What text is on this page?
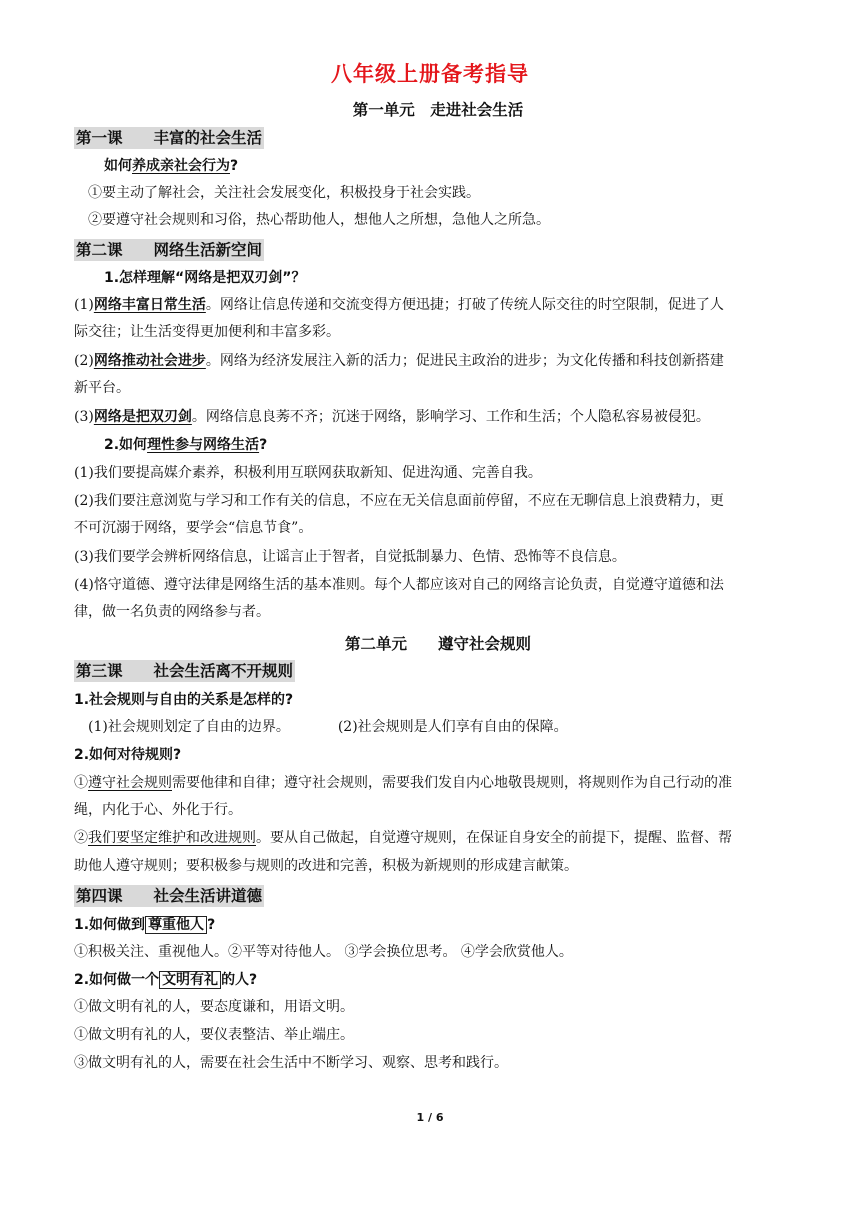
八年级上册备考指导
第一单元　走进社会生活
第一课　　丰富的社会生活
如何养成亲社会行为?
①要主动了解社会，关注社会发展变化，积极投身于社会实践。
②要遵守社会规则和习俗，热心帮助他人，想他人之所想，急他人之所急。
第二课　　网络生活新空间
1.怎样理解“网络是把双刃剑”？
(1)网络丰富日常生活。网络让信息传递和交流变得方便迅捷；打破了传统人际交往的时空限制，促进了人
际交往；让生活变得更加便利和丰富多彩。
(2)网络推动社会进步。网络为经济发展注入新的活力；促进民主政治的进步；为文化传播和科技创新搭建
新平台。
(3)网络是把双刃剑。网络信息良莠不齐；沉迷于网络，影响学习、工作和生活；个人隐私容易被侵犯。
2.如何理性参与网络生活?
(1)我们要提高媒介素养，积极利用互联网获取新知、促进沟通、完善自我。
(2)我们要注意浏览与学习和工作有关的信息，不应在无关信息面前停留，不应在无聊信息上浪费精力，更
不可沉溺于网络，要学会“信息节食”。
(3)我们要学会辨析网络信息，让谣言止于智者，自觉抵制暴力、色情、恐怖等不良信息。
(4)恪守道德、遵守法律是网络生活的基本准则。每个人都应该对自己的网络言论负责，自觉遵守道德和法
律，做一名负责的网络参与者。
第二单元　　遵守社会规则
第三课　　社会生活离不开规则
1.社会规则与自由的关系是怎样的?
(1)社会规则划定了自由的边界。	(2)社会规则是人们享有自由的保障。
2.如何对待规则?
①遵守社会规则需要他律和自律；遵守社会规则，需要我们发自内心地敬畏规则，将规则作为自己行动的准
绳，内化于心、外化于行。
②我们要坚定维护和改进规则。要从自己做起，自觉遵守规则，在保证自身安全的前提下，提醒、监督、帮
助他人遵守规则；要积极参与规则的改进和完善，积极为新规则的形成建言献策。
第四课　　社会生活讲道德
1.如何做到 尊重他人 ?
①积极关注、重视他人。②平等对待他人。 ③学会换位思考。 ④学会欣赏他人。
2.如何做一个 文明有礼 的人?
①做文明有礼的人，要态度谦和，用语文明。
①做文明有礼的人，要仪表整洁、举止端庄。
③做文明有礼的人，需要在社会生活中不断学习、观察、思考和践行。
1 / 6
